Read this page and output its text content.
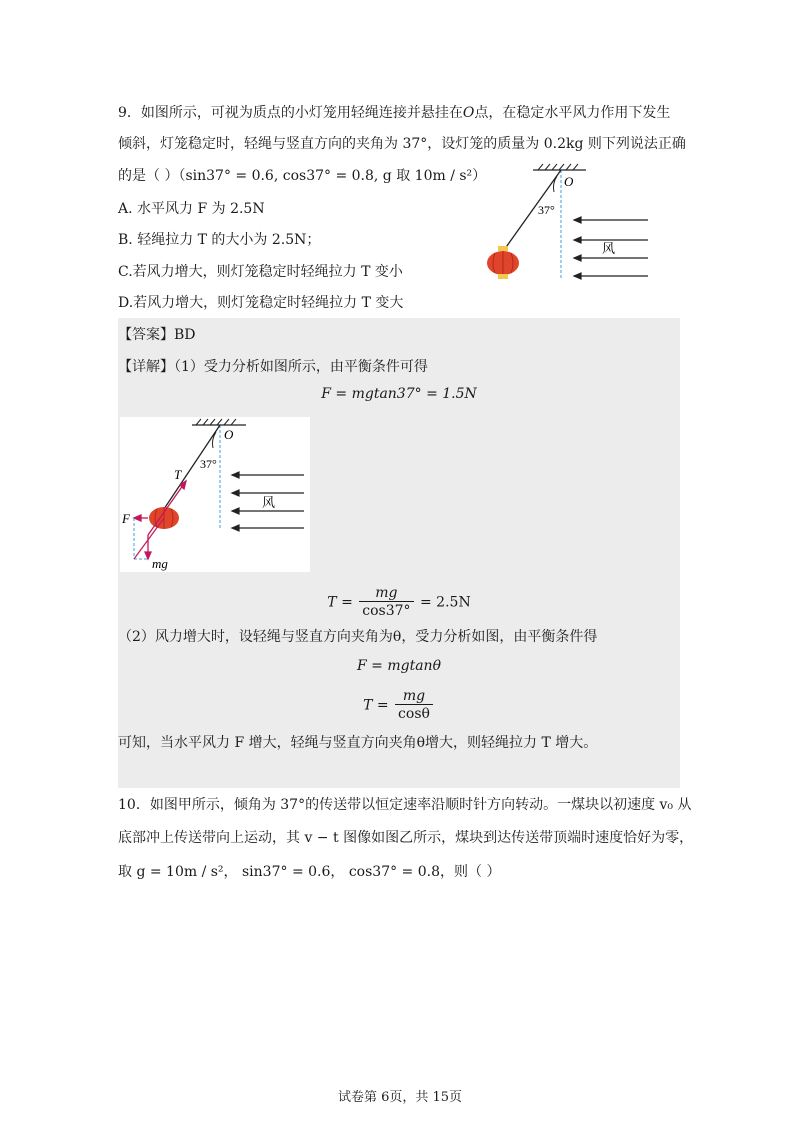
9．如图所示，可视为质点的小灯笼用轻绳连接并悬挂在O点，在稳定水平风力作用下发生
倾斜，灯笼稳定时，轻绳与竖直方向的夹角为 37°，设灯笼的质量为 0.2kg 则下列说法正确
的是（ ）（sin37° = 0.6, cos37° = 0.8, g 取 10m / s²）
A. 水平风力 F 为 2.5N
B. 轻绳拉力 T 的大小为 2.5N；
C.若风力增大，则灯笼稳定时轻绳拉力 T 变小
D.若风力增大，则灯笼稳定时轻绳拉力 T 变大
O
37°
风
【答案】BD
【详解】（1）受力分析如图所示，由平衡条件可得
F = mgtan37° = 1.5N
O
37°
风
T
F
mg
$T = \frac{mg}{\cos 37^\circ} = 2.5N$
（2）风力增大时，设轻绳与竖直方向夹角为θ，受力分析如图，由平衡条件得
F = mgtanθ
$T = \frac{mg}{\cos\theta}$
可知，当水平风力 F 增大，轻绳与竖直方向夹角θ增大，则轻绳拉力 T 增大。
10．如图甲所示，倾角为 37°的传送带以恒定速率沿顺时针方向转动。一煤块以初速度 v₀ 从
底部冲上传送带向上运动，其 v − t 图像如图乙所示，煤块到达传送带顶端时速度恰好为零，
取 g = 10m / s²， sin37° = 0.6， cos37° = 0.8，则（ ）
试卷第 6页，共 15页
